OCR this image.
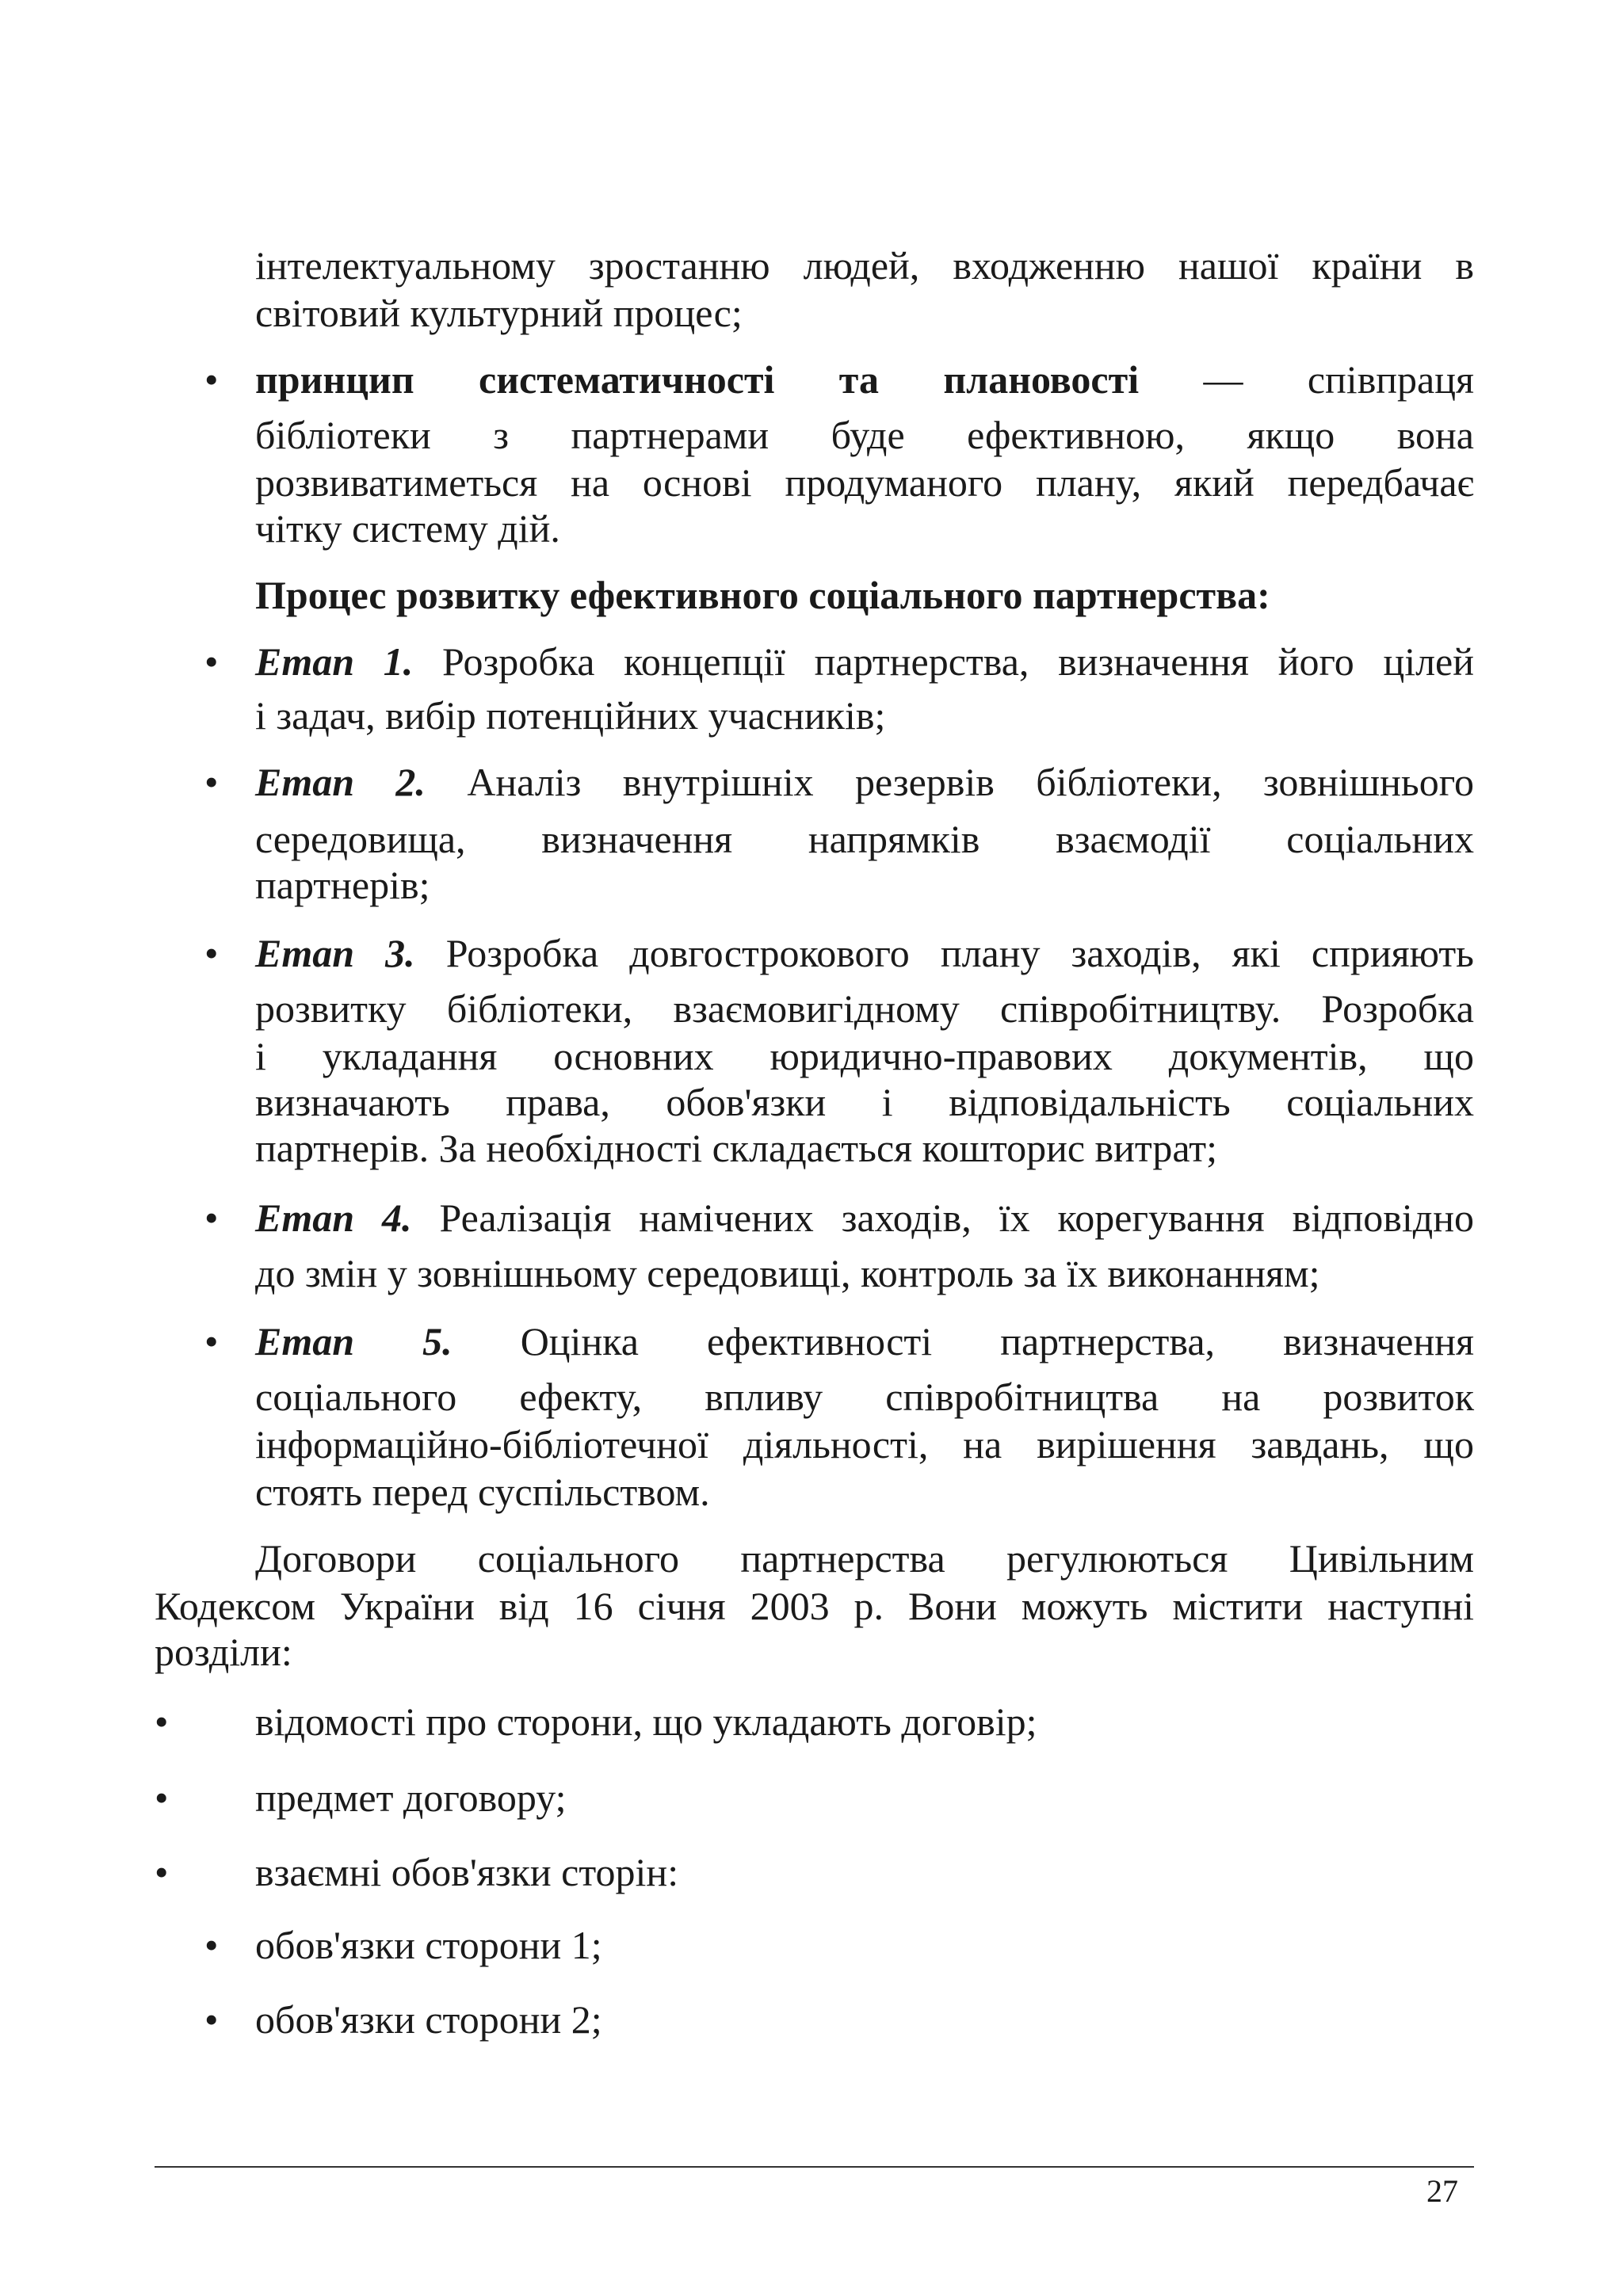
інтелектуальному зростанню людей, входженню нашої країни в
світовий культурний процес;
• принцип систематичності та плановості — співпраця
бібліотеки з партнерами буде ефективною, якщо вона
розвиватиметься на основі продуманого плану, який передбачає
чітку систему дій.
Процес розвитку ефективного соціального партнерства:
• Етап 1. Розробка концепції партнерства, визначення його цілей
і задач, вибір потенційних учасників;
• Етап 2. Аналіз внутрішніх резервів бібліотеки, зовнішнього
середовища, визначення напрямків взаємодії соціальних
партнерів;
• Етап 3. Розробка довгострокового плану заходів, які сприяють
розвитку бібліотеки, взаємовигідному співробітництву. Розробка
і укладання основних юридично-правових документів, що
визначають права, обов'язки і відповідальність соціальних
партнерів. За необхідності складається кошторис витрат;
• Етап 4. Реалізація намічених заходів, їх корегування відповідно
до змін у зовнішньому середовищі, контроль за їх виконанням;
• Етап 5. Оцінка ефективності партнерства, визначення
соціального ефекту, впливу співробітництва на розвиток
інформаційно-бібліотечної діяльності, на вирішення завдань, що
стоять перед суспільством.
Договори соціального партнерства регулюються Цивільним
Кодексом України від 16 січня 2003 р. Вони можуть містити наступні
розділи:
•	відомості про сторони, що укладають договір;
•	предмет договору;
•	взаємні обов'язки сторін:
• обов'язки сторони 1;
• обов'язки сторони 2;
27
